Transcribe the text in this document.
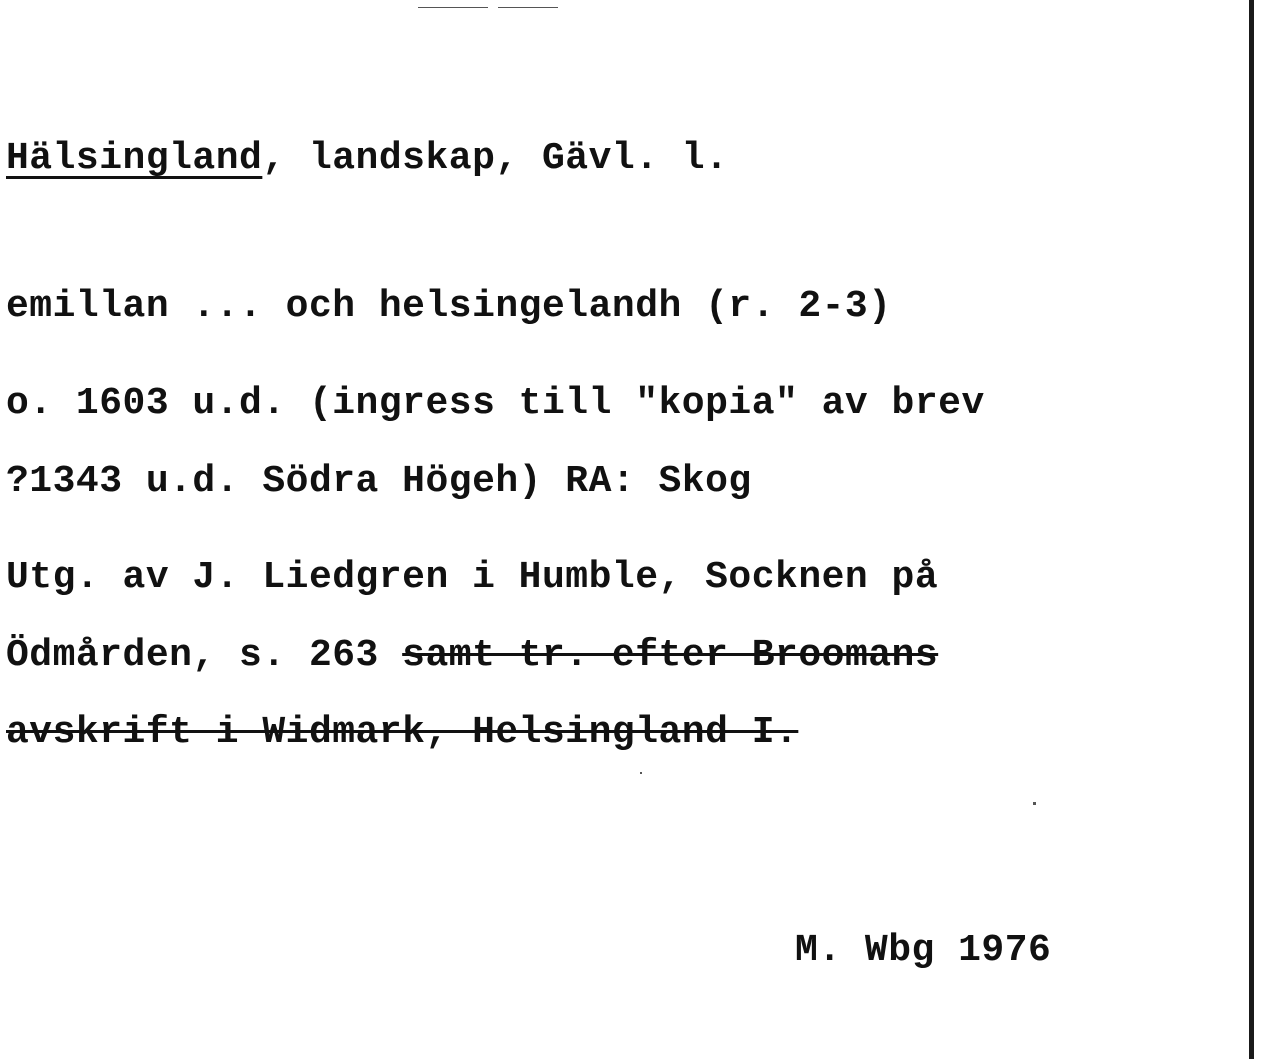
Hälsingland, landskap, Gävl. l.
emillan ... och helsingelandh (r. 2-3)
o. 1603 u.d. (ingress till "kopia" av brev
?1343 u.d. Södra Högeh) RA: Skog
Utg. av J. Liedgren i Humble, Socknen på
Ödmården, s. 263 samt tr. efter Broomans
avskrift i Widmark, Helsingland I.
M. Wbg 1976
